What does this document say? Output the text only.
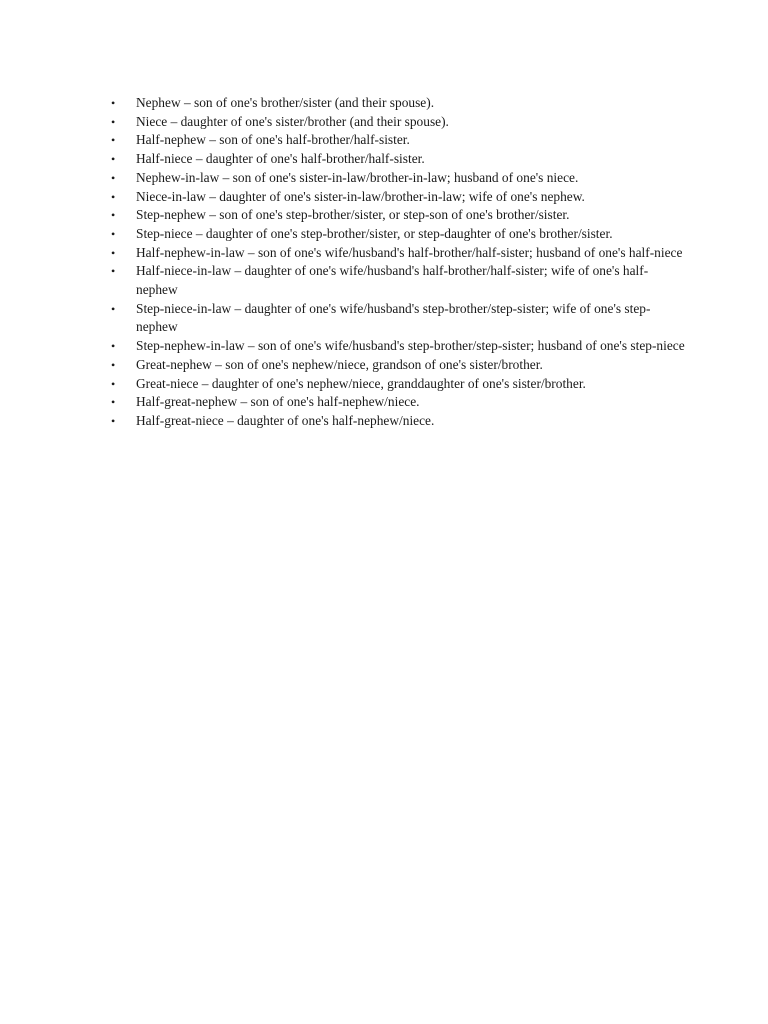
• Nephew – son of one's brother/sister (and their spouse).
• Niece – daughter of one's sister/brother (and their spouse).
• Half-nephew – son of one's half-brother/half-sister.
• Half-niece – daughter of one's half-brother/half-sister.
• Nephew-in-law – son of one's sister-in-law/brother-in-law; husband of one's niece.
• Niece-in-law – daughter of one's sister-in-law/brother-in-law; wife of one's nephew.
• Step-nephew – son of one's step-brother/sister, or step-son of one's brother/sister.
• Step-niece – daughter of one's step-brother/sister, or step-daughter of one's brother/sister.
• Half-nephew-in-law – son of one's wife/husband's half-brother/half-sister; husband of one's half-niece
• Half-niece-in-law – daughter of one's wife/husband's half-brother/half-sister; wife of one's half-nephew
• Step-niece-in-law – daughter of one's wife/husband's step-brother/step-sister; wife of one's step-nephew
• Step-nephew-in-law – son of one's wife/husband's step-brother/step-sister; husband of one's step-niece
• Great-nephew – son of one's nephew/niece, grandson of one's sister/brother.
• Great-niece – daughter of one's nephew/niece, granddaughter of one's sister/brother.
• Half-great-nephew – son of one's half-nephew/niece.
• Half-great-niece – daughter of one's half-nephew/niece.
